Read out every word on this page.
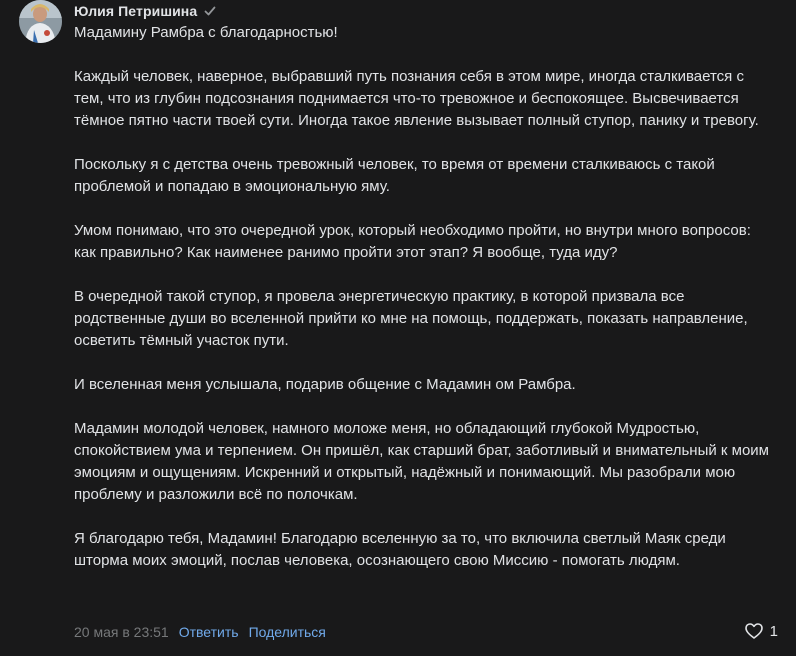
Юлия Петришина

Мадамину Рамбра с благодарностью!

Каждый человек, наверное, выбравший путь познания себя в этом мире, иногда сталкивается с тем, что из глубин подсознания поднимается что-то тревожное и беспокоящее. Высвечивается тёмное пятно части твоей сути. Иногда такое явление вызывает полный ступор, панику и тревогу.

Поскольку я с детства очень тревожный человек, то время от времени сталкиваюсь с такой проблемой и попадаю в эмоциональную яму.

Умом понимаю, что это очередной урок, который необходимо пройти, но внутри много вопросов: как правильно? Как наименее ранимо пройти этот этап? Я вообще, туда иду?

В очередной такой ступор, я провела энергетическую практику, в которой призвала все родственные души во вселенной прийти ко мне на помощь, поддержать, показать направление, осветить тёмный участок пути.

И вселенная меня услышала, подарив общение с Мадамин ом Рамбра.

Мадамин молодой человек, намного моложе меня, но обладающий глубокой Мудростью, спокойствием ума и терпением. Он пришёл, как старший брат, заботливый и внимательный к моим эмоциям и ощущениям. Искренний и открытый, надёжный и понимающий. Мы разобрали мою проблему и разложили всё по полочкам.

Я благодарю тебя, Мадамин! Благодарю вселенную за то, что включила светлый Маяк среди шторма моих эмоций, послав человека, осознающего свою Миссию - помогать людям.

20 мая в 23:51 Ответить Поделиться	1
